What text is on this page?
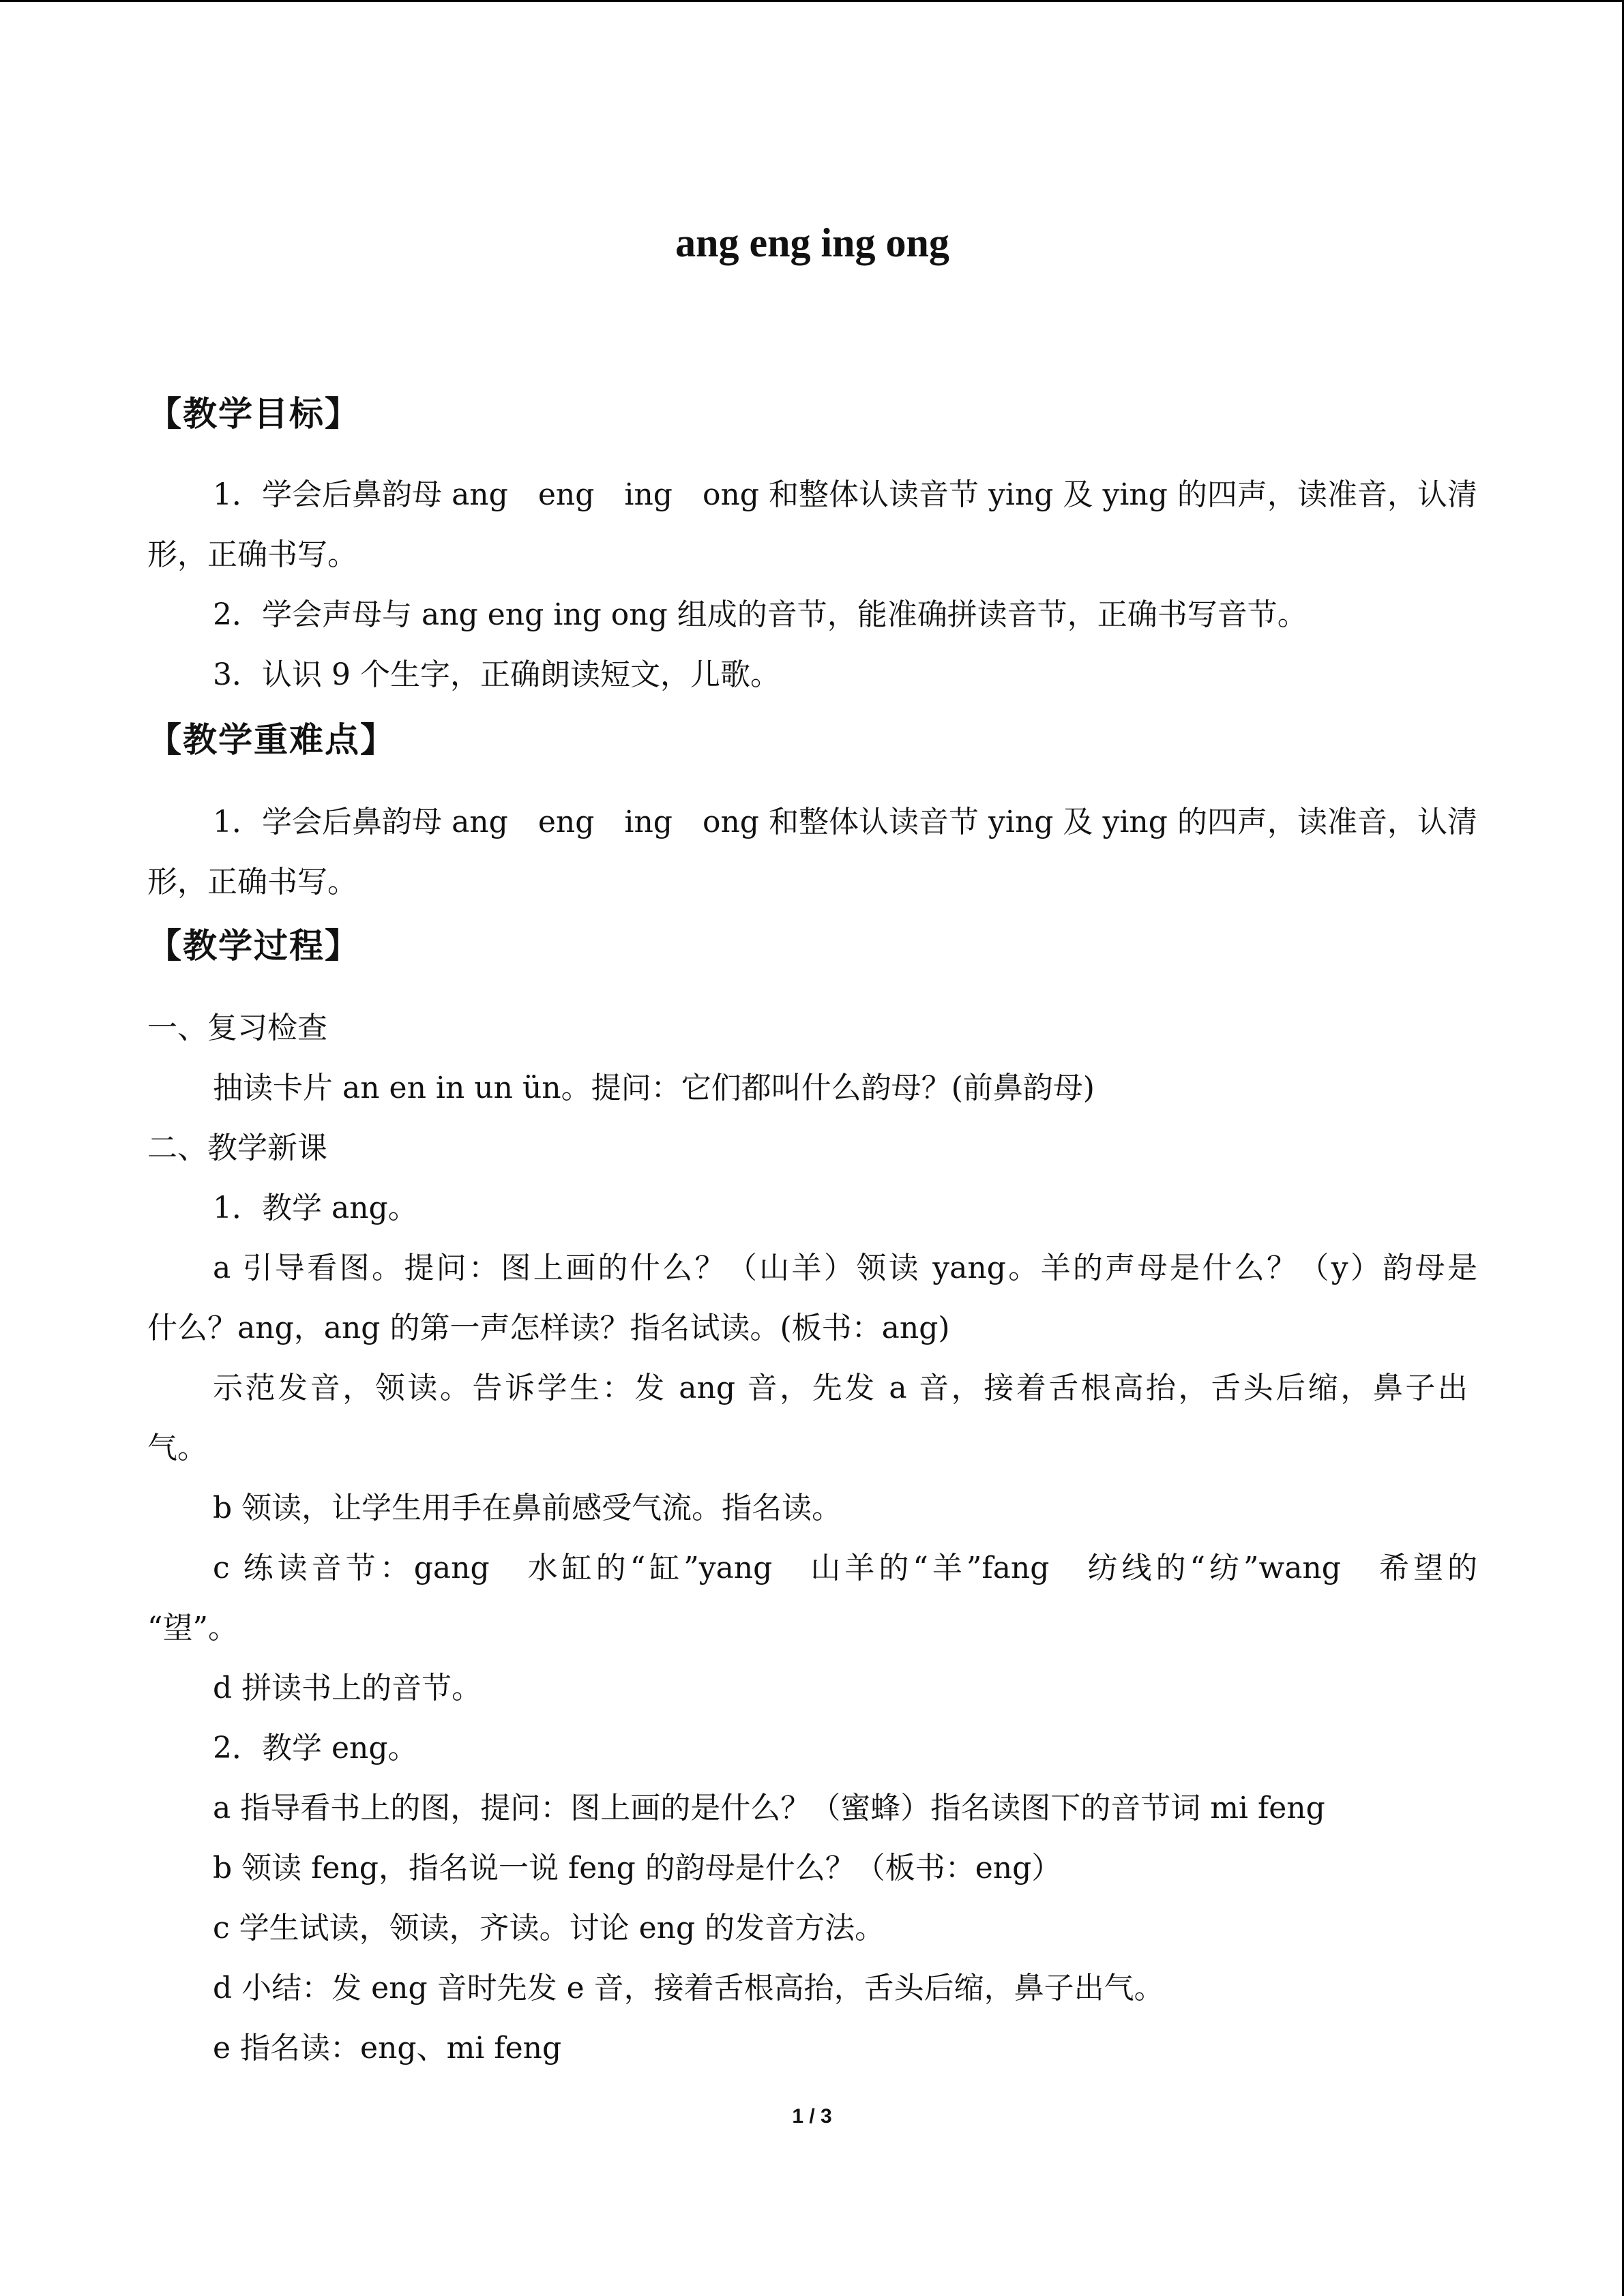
ang eng ing ong
【教学目标】
1．学会后鼻韵母 ang　eng　ing　ong 和整体认读音节 ying 及 ying 的四声，读准音，认清
形，正确书写。
2．学会声母与 ang eng ing ong 组成的音节，能准确拼读音节，正确书写音节。
3．认识 9 个生字，正确朗读短文，儿歌。
【教学重难点】
1．学会后鼻韵母 ang　eng　ing　ong 和整体认读音节 ying 及 ying 的四声，读准音，认清
形，正确书写。
【教学过程】
一、复习检查
抽读卡片 an en in un ün。提问：它们都叫什么韵母？(前鼻韵母)
二、教学新课
1．教学 ang。
a 引导看图。提问：图上画的什么？（山羊）领读 yang。羊的声母是什么？（y）韵母是
什么？ang，ang 的第一声怎样读？指名试读。(板书：ang)
示范发音，领读。告诉学生：发 ang 音，先发 a 音，接着舌根高抬，舌头后缩，鼻子出
气。
b 领读，让学生用手在鼻前感受气流。指名读。
c 练读音节：gang　水缸的“缸”yang　山羊的“羊”fang　纺线的“纺”wang　希望的
“望”。
d 拼读书上的音节。
2．教学 eng。
a 指导看书上的图，提问：图上画的是什么？（蜜蜂）指名读图下的音节词 mi feng
b 领读 feng，指名说一说 feng 的韵母是什么？（板书：eng）
c 学生试读，领读，齐读。讨论 eng 的发音方法。
d 小结：发 eng 音时先发 e 音，接着舌根高抬，舌头后缩，鼻子出气。
e 指名读：eng、mi feng
1 / 3
